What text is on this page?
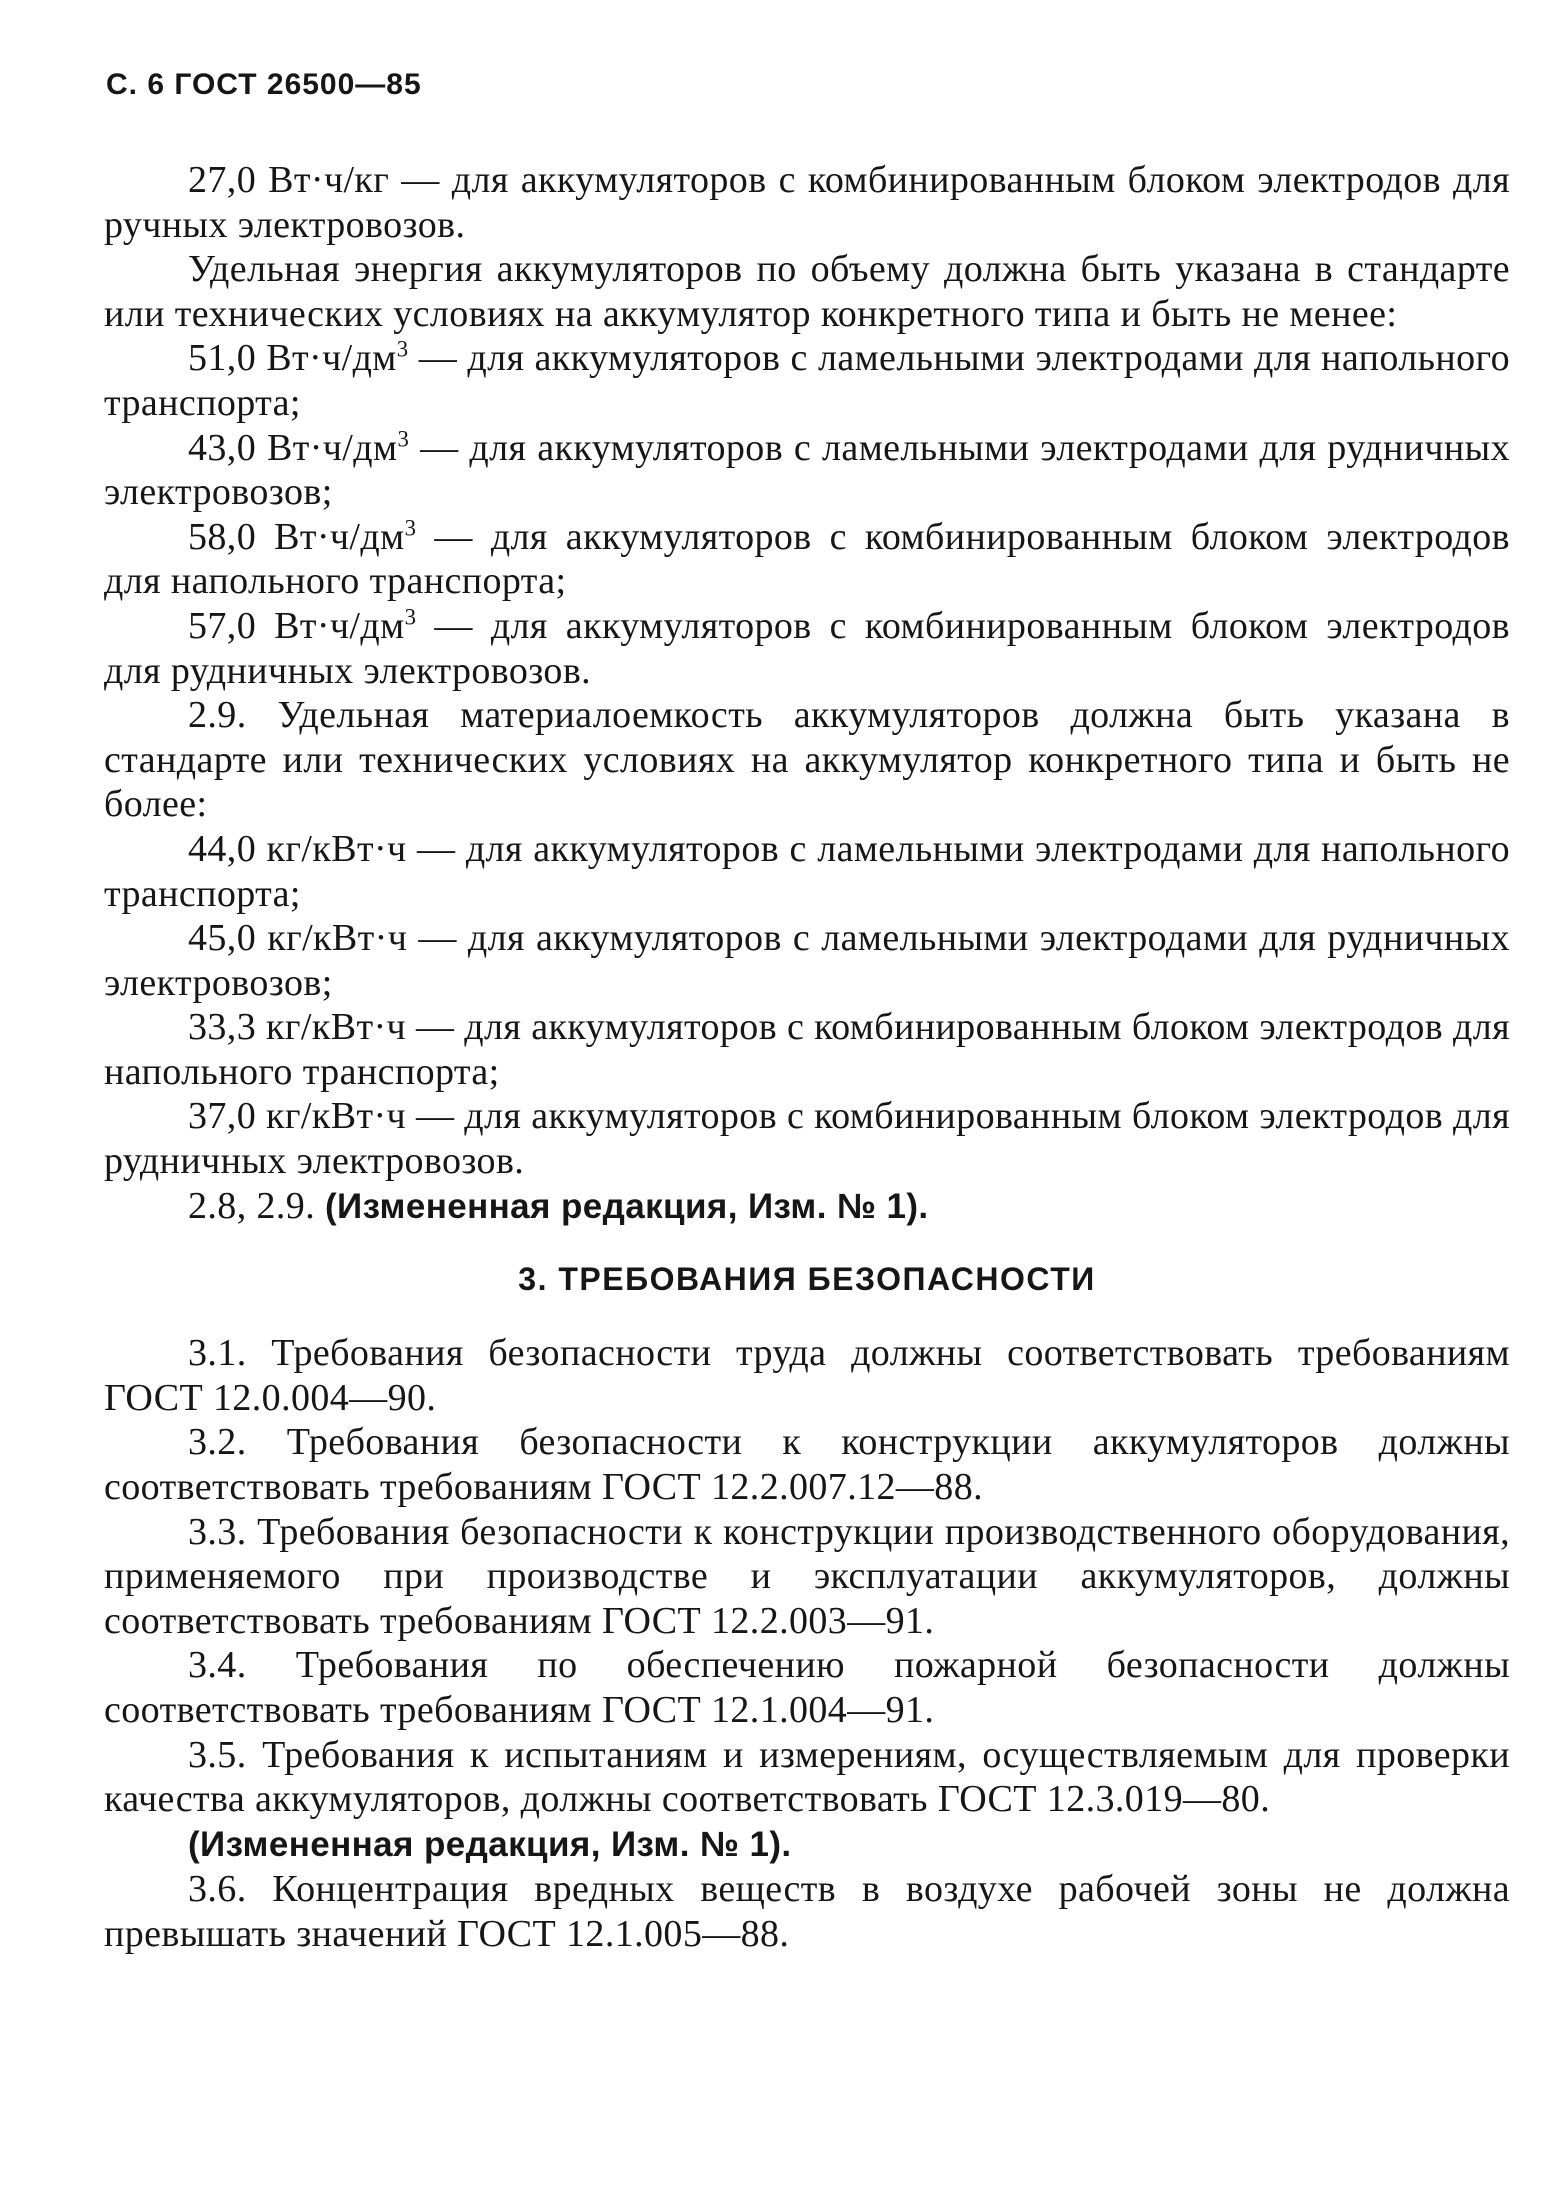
С. 6 ГОСТ 26500—85

27,0 Вт·ч/кг — для аккумуляторов с комбинированным блоком электродов для ручных электровозов.

Удельная энергия аккумуляторов по объему должна быть указана в стандарте или технических условиях на аккумулятор конкретного типа и быть не менее:

51,0 $Вт\cdot ч/дм^3$ — для аккумуляторов с ламельными электродами для напольного транспорта;

43,0 $Вт\cdot ч/дм^3$ — для аккумуляторов с ламельными электродами для рудничных электровозов;

58,0 $Вт\cdot ч/дм^3$ — для аккумуляторов с комбинированным блоком электродов для напольного транспорта;

57,0 $Вт\cdot ч/дм^3$ — для аккумуляторов с комбинированным блоком электродов для рудничных электровозов.

2.9. Удельная материалоемкость аккумуляторов должна быть указана в стандарте или технических условиях на аккумулятор конкретного типа и быть не более:

44,0 кг/кВт·ч — для аккумуляторов с ламельными электродами для напольного транспорта;

45,0 кг/кВт·ч — для аккумуляторов с ламельными электродами для рудничных электровозов;

33,3 кг/кВт·ч — для аккумуляторов с комбинированным блоком электродов для напольного транспорта;

37,0 кг/кВт·ч — для аккумуляторов с комбинированным блоком электродов для рудничных электровозов.

2.8, 2.9. (Измененная редакция, Изм. № 1).

3. ТРЕБОВАНИЯ БЕЗОПАСНОСТИ

3.1. Требования безопасности труда должны соответствовать требованиям ГОСТ 12.0.004—90.

3.2. Требования безопасности к конструкции аккумуляторов должны соответствовать требованиям ГОСТ 12.2.007.12—88.

3.3. Требования безопасности к конструкции производственного оборудования, применяемого при производстве и эксплуатации аккумуляторов, должны соответствовать требованиям ГОСТ 12.2.003—91.

3.4. Требования по обеспечению пожарной безопасности должны соответствовать требованиям ГОСТ 12.1.004—91.

3.5. Требования к испытаниям и измерениям, осуществляемым для проверки качества аккумуляторов, должны соответствовать ГОСТ 12.3.019—80.

(Измененная редакция, Изм. № 1).

3.6. Концентрация вредных веществ в воздухе рабочей зоны не должна превышать значений ГОСТ 12.1.005—88.
